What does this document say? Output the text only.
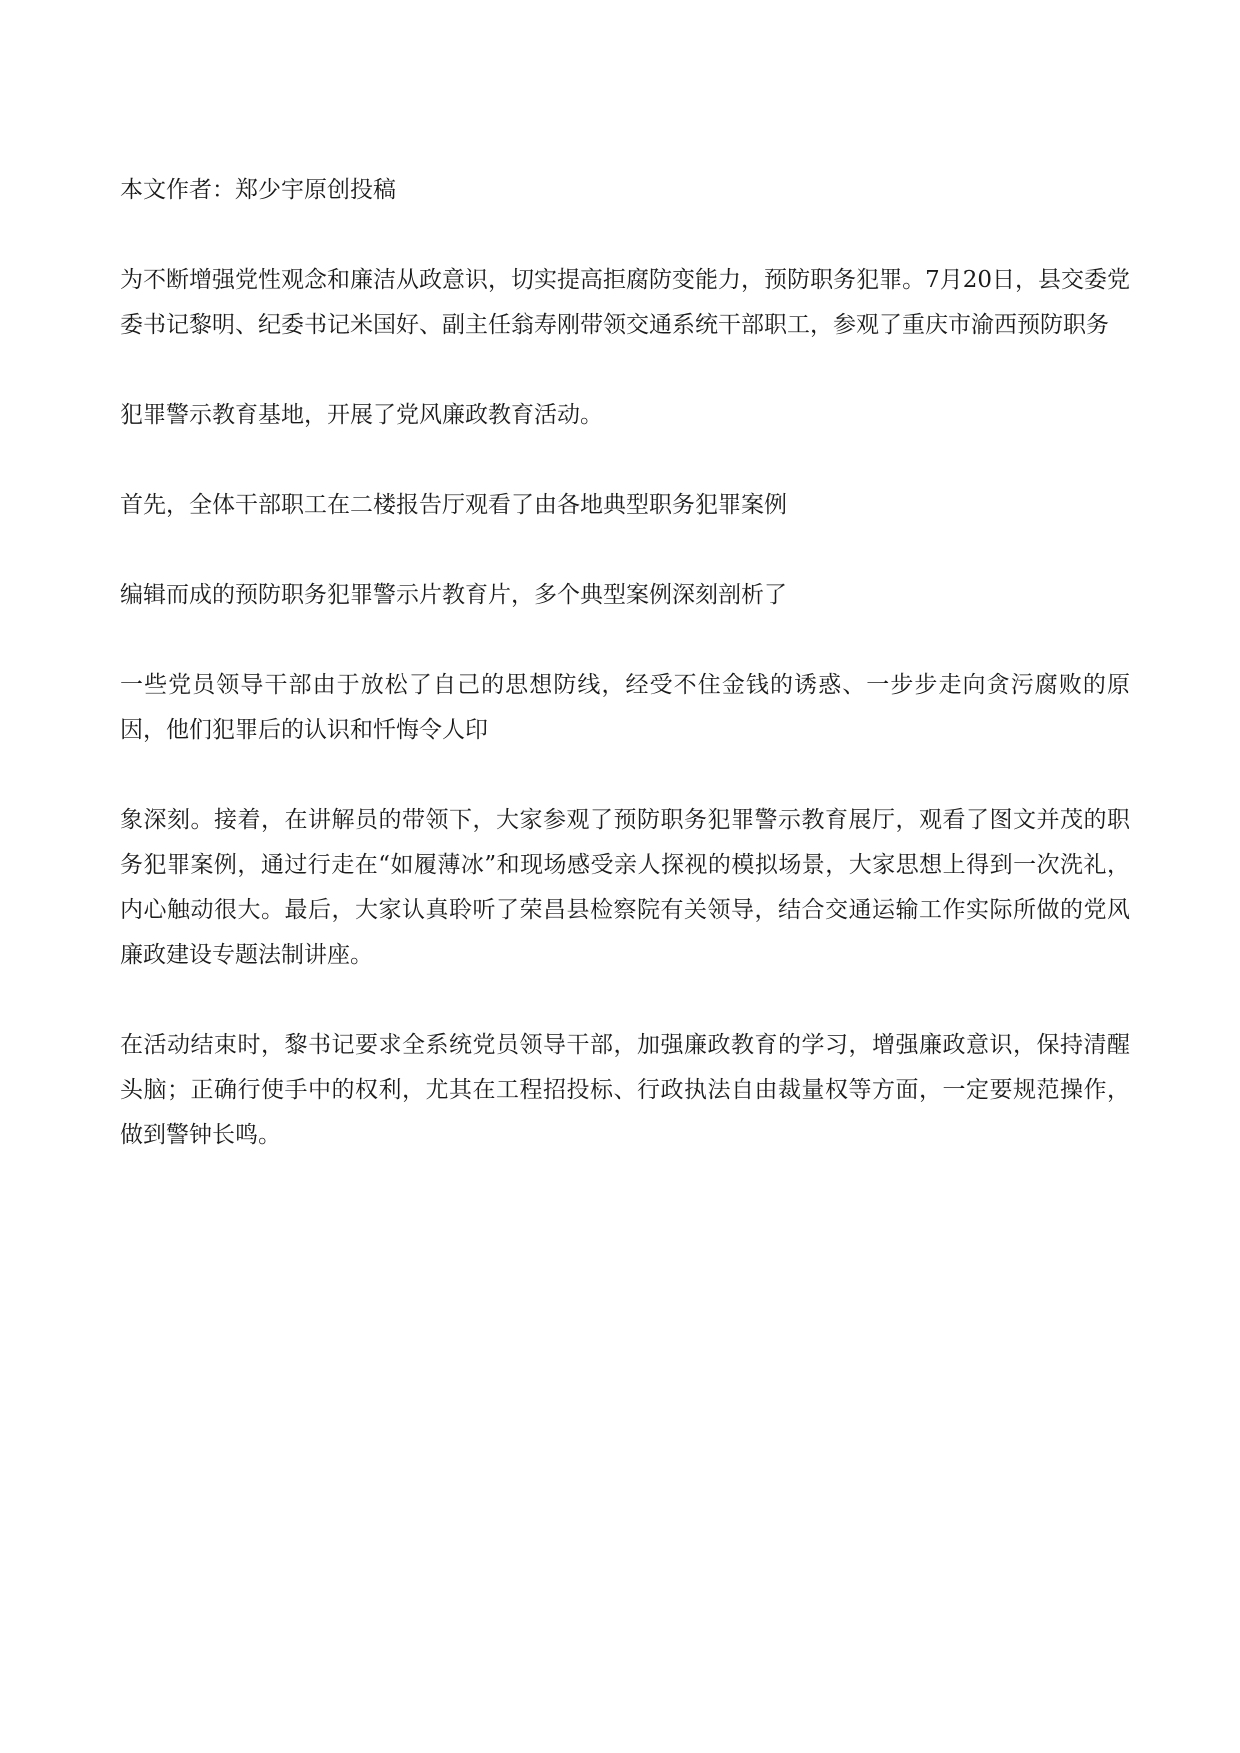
本文作者：郑少宇原创投稿

为不断增强党性观念和廉洁从政意识，切实提高拒腐防变能力，预防职务犯罪。7月20日，县交委党委书记黎明、纪委书记米国好、副主任翁寿刚带领交通系统干部职工，参观了重庆市渝西预防职务

犯罪警示教育基地，开展了党风廉政教育活动。

首先，全体干部职工在二楼报告厅观看了由各地典型职务犯罪案例

编辑而成的预防职务犯罪警示片教育片，多个典型案例深刻剖析了

一些党员领导干部由于放松了自己的思想防线，经受不住金钱的诱惑、一步步走向贪污腐败的原因，他们犯罪后的认识和忏悔令人印

象深刻。接着，在讲解员的带领下，大家参观了预防职务犯罪警示教育展厅，观看了图文并茂的职务犯罪案例，通过行走在“如履薄冰”和现场感受亲人探视的模拟场景，大家思想上得到一次洗礼，内心触动很大。最后，大家认真聆听了荣昌县检察院有关领导，结合交通运输工作实际所做的党风廉政建设专题法制讲座。

在活动结束时，黎书记要求全系统党员领导干部，加强廉政教育的学习，增强廉政意识，保持清醒头脑；正确行使手中的权利，尤其在工程招投标、行政执法自由裁量权等方面，一定要规范操作，做到警钟长鸣。
